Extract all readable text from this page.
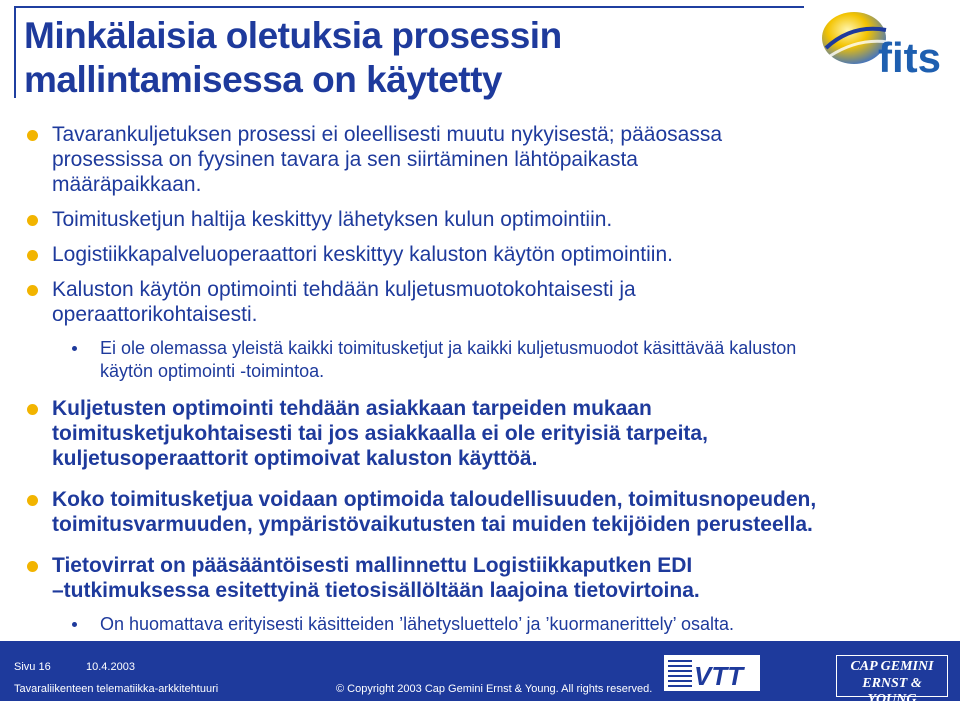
Minkälaisia oletuksia prosessin
mallintamisessa on käytetty	fits

Tavarankuljetuksen prosessi ei oleellisesti muutu nykyisestä; pääosassa
prosessissa on fyysinen tavara ja sen siirtäminen lähtöpaikasta
määräpaikkaan.

Toimitusketjun haltija keskittyy lähetyksen kulun optimointiin.

Logistiikkapalveluoperaattori keskittyy kaluston käytön optimointiin.

Kaluston käytön optimointi tehdään kuljetusmuotokohtaisesti ja
operaattorikohtaisesti.

Ei ole olemassa yleistä kaikki toimitusketjut ja kaikki kuljetusmuodot käsittävää kaluston
käytön optimointi -toimintoa.

Kuljetusten optimointi tehdään asiakkaan tarpeiden mukaan
toimitusketjukohtaisesti tai jos asiakkaalla ei ole erityisiä tarpeita,
kuljetusoperaattorit optimoivat kaluston käyttöä.

Koko toimitusketjua voidaan optimoida taloudellisuuden, toimitusnopeuden,
toimitusvarmuuden, ympäristövaikutusten tai muiden tekijöiden perusteella.

Tietovirrat on pääsääntöisesti mallinnettu Logistiikkaputken EDI
–tutkimuksessa esitettyinä tietosisällöltään laajoina tietovirtoina.

On huomattava erityisesti käsitteiden ’lähetysluettelo’ ja ’kuormanerittely’ osalta.

Sivu 16	10.4.2003
Tavaraliikenteen telematiikka-arkkitehtuuri	© Copyright 2003 Cap Gemini Ernst & Young. All rights reserved. VTT	CAP GEMINI
ERNST & YOUNG
